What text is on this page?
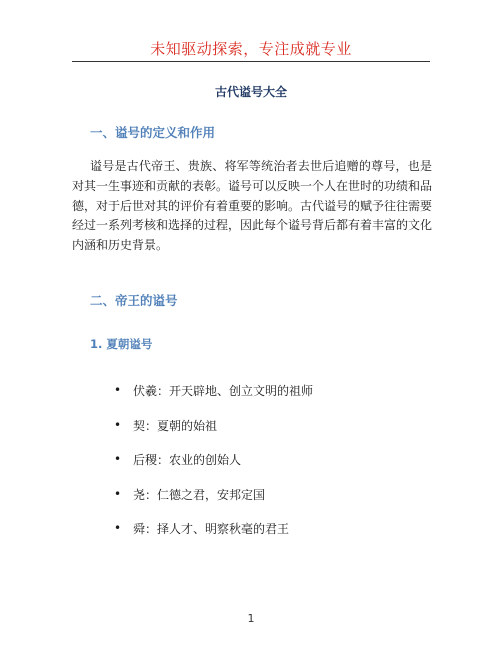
未知驱动探索，专注成就专业
古代谥号大全
一、谥号的定义和作用
谥号是古代帝王、贵族、将军等统治者去世后追赠的尊号，也是对其一生事迹和贡献的表彰。谥号可以反映一个人在世时的功绩和品德，对于后世对其的评价有着重要的影响。古代谥号的赋予往往需要经过一系列考核和选择的过程，因此每个谥号背后都有着丰富的文化内涵和历史背景。
二、帝王的谥号
1. 夏朝谥号
• 伏羲：开天辟地、创立文明的祖师
• 契：夏朝的始祖
• 后稷：农业的创始人
• 尧：仁德之君，安邦定国
• 舜：择人才、明察秋毫的君王
1
